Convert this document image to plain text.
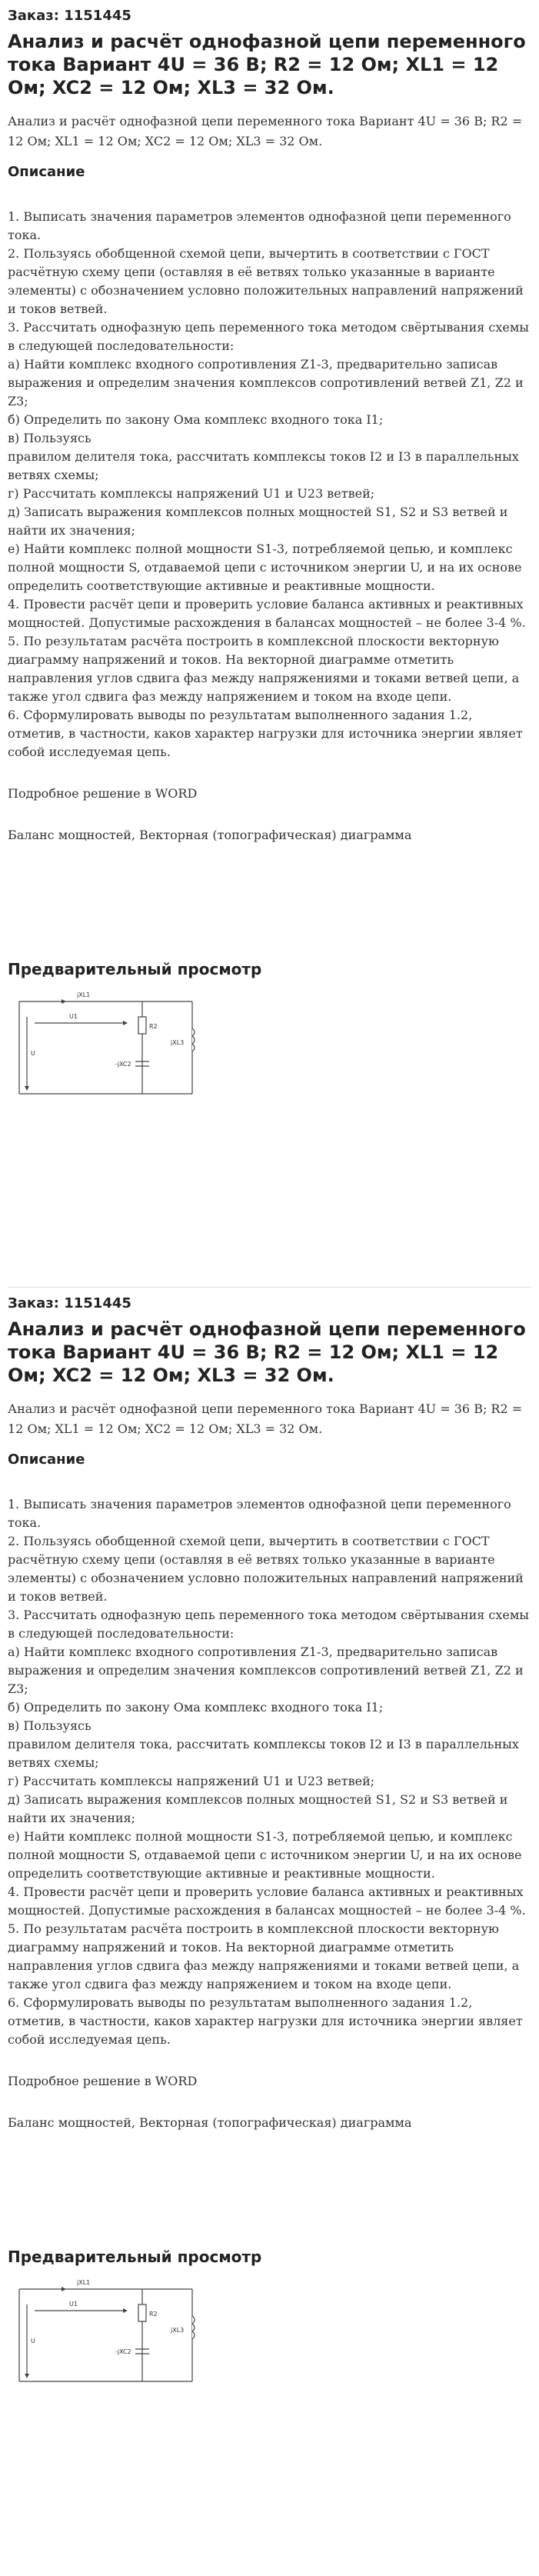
Заказ: 1151445
Анализ и расчёт однофазной цепи переменного тока Вариант 4U = 36 В; R2 = 12 Ом; XL1 = 12 Ом; XC2 = 12 Ом; XL3 = 32 Ом.
Анализ и расчёт однофазной цепи переменного тока Вариант 4U = 36 В; R2 = 12 Ом; XL1 = 12 Ом; XC2 = 12 Ом; XL3 = 32 Ом.
Описание

1. Выписать значения параметров элементов однофазной цепи переменного тока.

2. Пользуясь обобщенной схемой цепи, вычертить в соответствии с ГОСТ расчётную схему цепи (оставляя в её ветвях только указанные в варианте элементы) с обозначением условно положительных направлений напряжений и токов ветвей.

3. Рассчитать однофазную цепь переменного тока методом свёртывания схемы в следующей последовательности:

а) Найти комплекс входного сопротивления Z1-3, предварительно записав выражения и определим значения комплексов сопротивлений ветвей Z1, Z2 и Z3;

б) Определить по закону Ома комплекс входного тока I1;

в) Пользуясь

правилом делителя тока, рассчитать комплексы токов I2 и I3 в параллельных ветвях схемы;

г) Рассчитать комплексы напряжений U1 и U23 ветвей;

д) Записать выражения комплексов полных мощностей S1, S2 и S3 ветвей и найти их значения;

е) Найти комплекс полной мощности S1-3, потребляемой цепью, и комплекс полной мощности S, отдаваемой цепи с источником энергии U, и на их основе определить соответствующие активные и реактивные мощности.

4. Провести расчёт цепи и проверить условие баланса активных и реактивных мощностей. Допустимые расхождения в балансах мощностей – не более 3-4 %.

5. По результатам расчёта построить в комплексной плоскости векторную диаграмму напряжений и токов. На векторной диаграмме отметить направления углов сдвига фаз между напряжениями и токами ветвей цепи, а также угол сдвига фаз между напряжением и током на входе цепи.

6. Сформулировать выводы по результатам выполненного задания 1.2, отметив, в частности, каков характер нагрузки для источника энергии являет собой исследуемая цепь.

Подробное решение в WORD

Баланс мощностей, Векторная (топографическая) диаграмма

Предварительный просмотр
jXL1
U1
R2
-jXC2
jXL3
U
Заказ: 1151445
Анализ и расчёт однофазной цепи переменного тока Вариант 4U = 36 В; R2 = 12 Ом; XL1 = 12 Ом; XC2 = 12 Ом; XL3 = 32 Ом.
Анализ и расчёт однофазной цепи переменного тока Вариант 4U = 36 В; R2 = 12 Ом; XL1 = 12 Ом; XC2 = 12 Ом; XL3 = 32 Ом.
Описание

1. Выписать значения параметров элементов однофазной цепи переменного тока.

2. Пользуясь обобщенной схемой цепи, вычертить в соответствии с ГОСТ расчётную схему цепи (оставляя в её ветвях только указанные в варианте элементы) с обозначением условно положительных направлений напряжений и токов ветвей.

3. Рассчитать однофазную цепь переменного тока методом свёртывания схемы в следующей последовательности:

а) Найти комплекс входного сопротивления Z1-3, предварительно записав выражения и определим значения комплексов сопротивлений ветвей Z1, Z2 и Z3;

б) Определить по закону Ома комплекс входного тока I1;

в) Пользуясь

правилом делителя тока, рассчитать комплексы токов I2 и I3 в параллельных ветвях схемы;

г) Рассчитать комплексы напряжений U1 и U23 ветвей;

д) Записать выражения комплексов полных мощностей S1, S2 и S3 ветвей и найти их значения;

е) Найти комплекс полной мощности S1-3, потребляемой цепью, и комплекс полной мощности S, отдаваемой цепи с источником энергии U, и на их основе определить соответствующие активные и реактивные мощности.

4. Провести расчёт цепи и проверить условие баланса активных и реактивных мощностей. Допустимые расхождения в балансах мощностей – не более 3-4 %.

5. По результатам расчёта построить в комплексной плоскости векторную диаграмму напряжений и токов. На векторной диаграмме отметить направления углов сдвига фаз между напряжениями и токами ветвей цепи, а также угол сдвига фаз между напряжением и током на входе цепи.

6. Сформулировать выводы по результатам выполненного задания 1.2, отметив, в частности, каков характер нагрузки для источника энергии являет собой исследуемая цепь.

Подробное решение в WORD

Баланс мощностей, Векторная (топографическая) диаграмма

Предварительный просмотр
jXL1
U1
R2
-jXC2
jXL3
U
